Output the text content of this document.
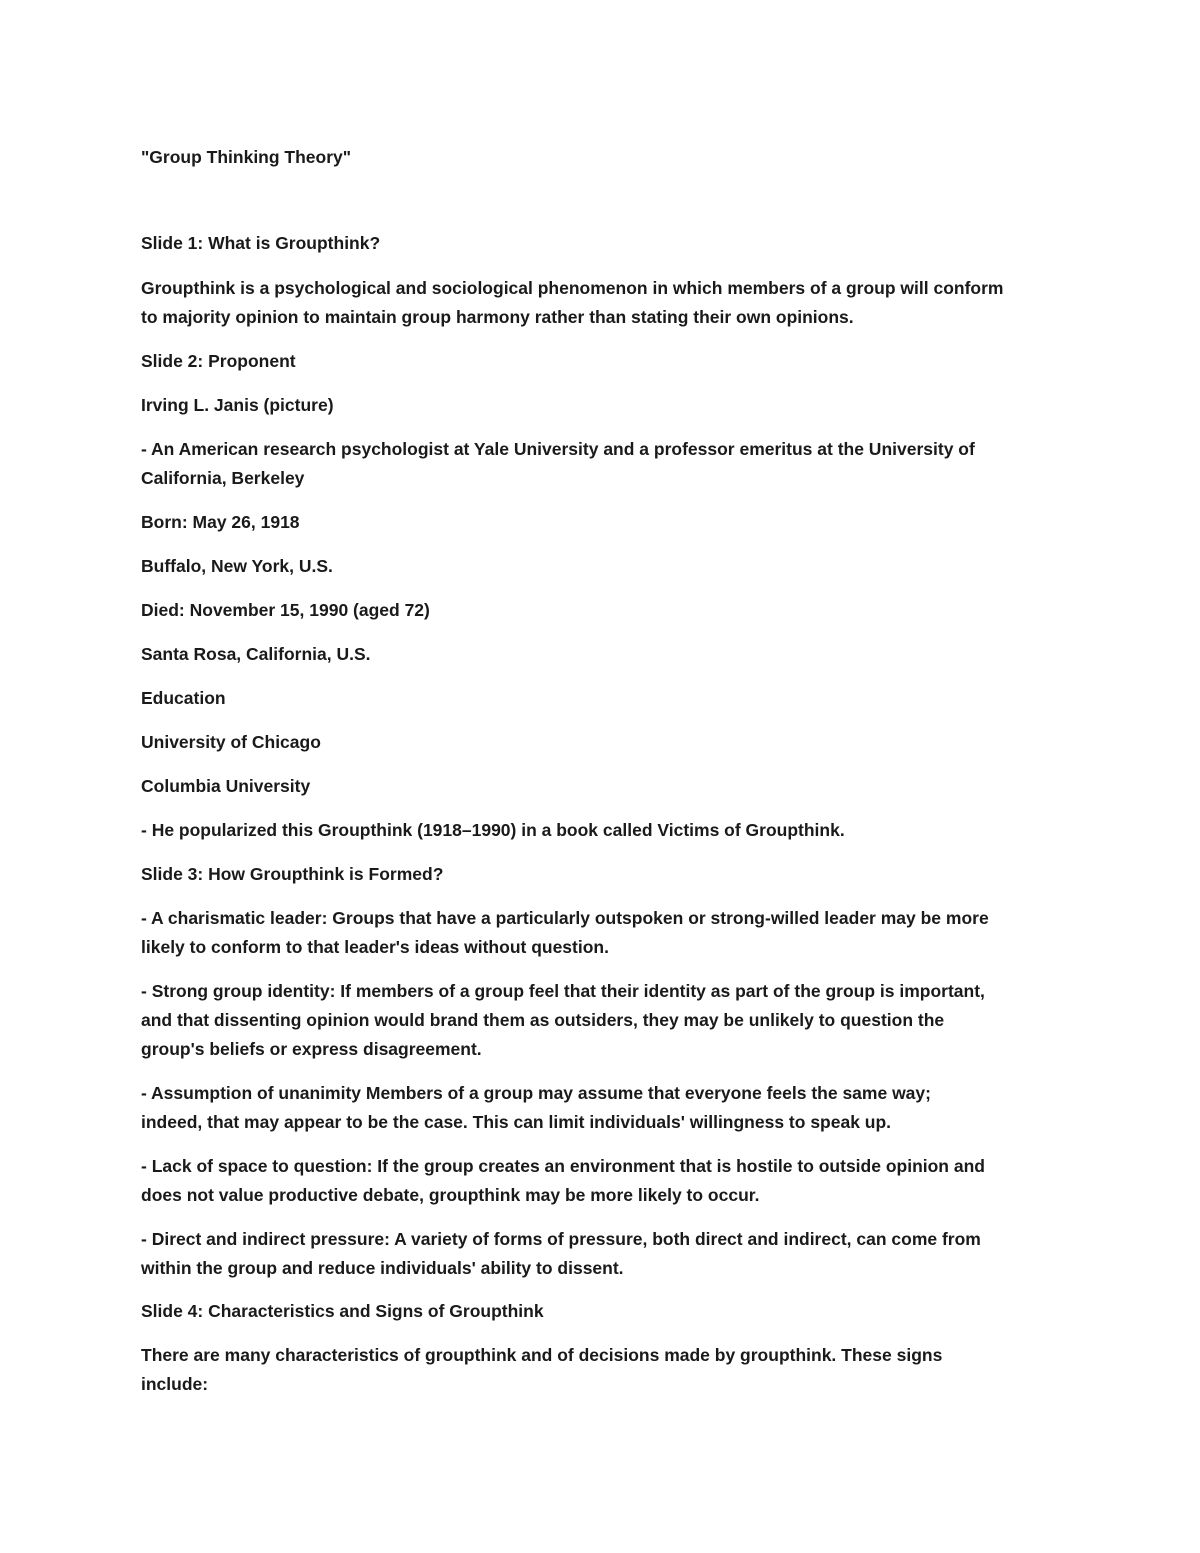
"Group Thinking Theory"

Slide 1: What is Groupthink?

Groupthink is a psychological and sociological phenomenon in which members of a group will conform

to majority opinion to maintain group harmony rather than stating their own opinions.

Slide 2: Proponent

Irving L. Janis (picture)

- An American research psychologist at Yale University and a professor emeritus at the University of

California, Berkeley

Born: May 26, 1918

Buffalo, New York, U.S.

Died: November 15, 1990 (aged 72)

Santa Rosa, California, U.S.

Education

University of Chicago

Columbia University

- He popularized this Groupthink (1918–1990) in a book called Victims of Groupthink.

Slide 3: How Groupthink is Formed?

- A charismatic leader: Groups that have a particularly outspoken or strong-willed leader may be more

likely to conform to that leader's ideas without question.

- Strong group identity: If members of a group feel that their identity as part of the group is important,

and that dissenting opinion would brand them as outsiders, they may be unlikely to question the

group's beliefs or express disagreement.

- Assumption of unanimity Members of a group may assume that everyone feels the same way;

indeed, that may appear to be the case. This can limit individuals' willingness to speak up.

- Lack of space to question: If the group creates an environment that is hostile to outside opinion and

does not value productive debate, groupthink may be more likely to occur.

- Direct and indirect pressure: A variety of forms of pressure, both direct and indirect, can come from

within the group and reduce individuals' ability to dissent.

Slide 4: Characteristics and Signs of Groupthink

There are many characteristics of groupthink and of decisions made by groupthink. These signs

include:
